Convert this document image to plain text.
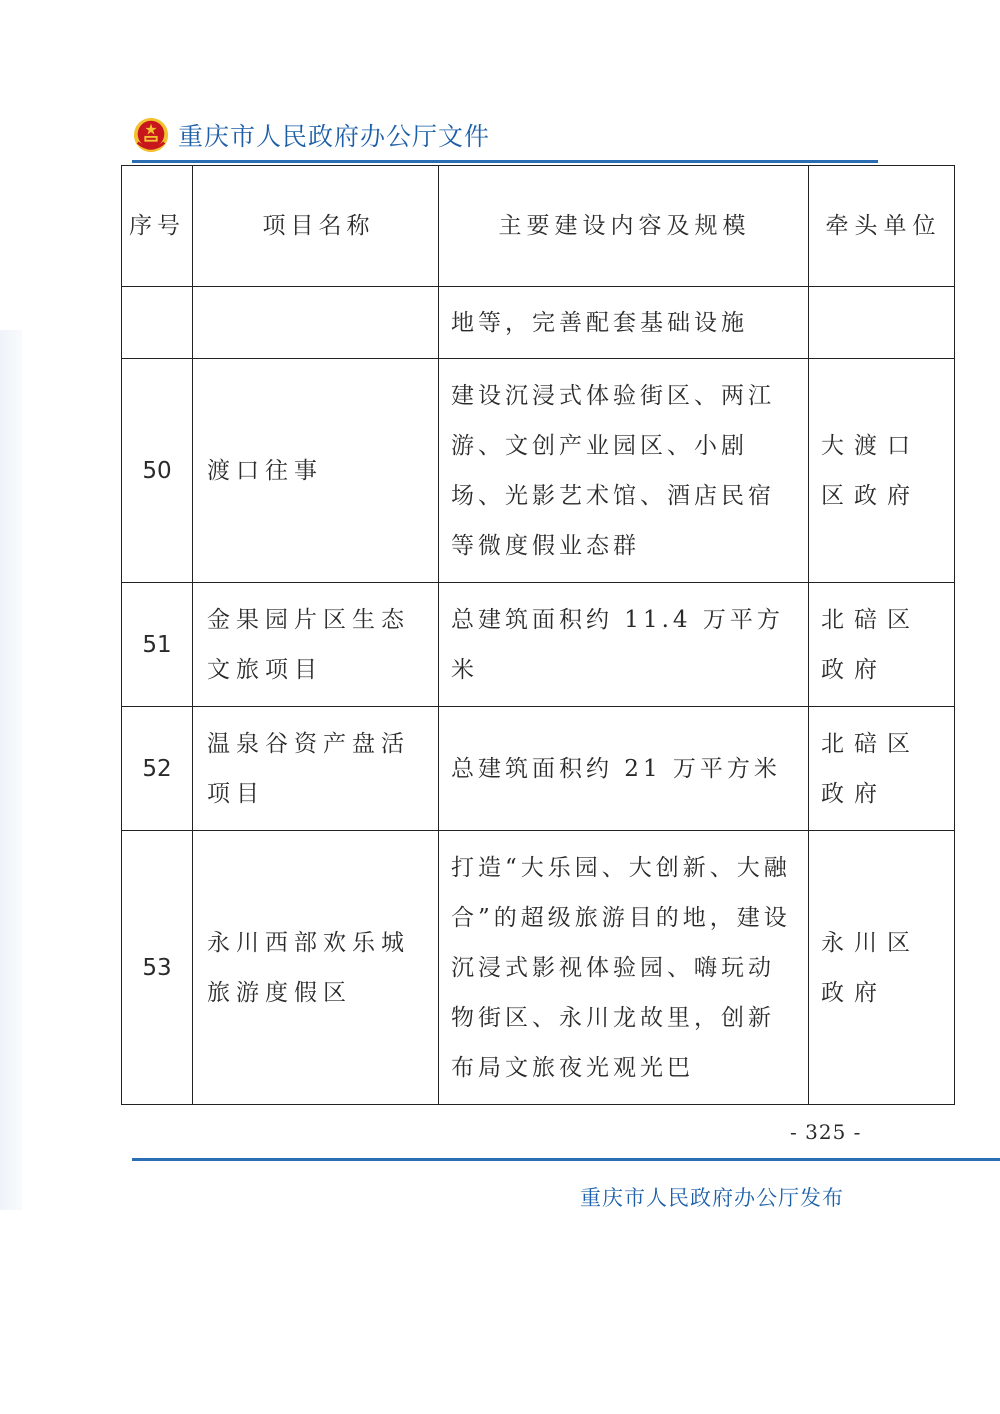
重庆市人民政府办公厅文件
序号	项目名称	主要建设内容及规模	牵头单位
		地等，完善配套基础设施	
50	渡口往事	建设沉浸式体验街区、两江游、文创产业园区、小剧场、光影艺术馆、酒店民宿等微度假业态群	大渡口区政府
51	金果园片区生态文旅项目	总建筑面积约 11.4 万平方米	北碚区政府
52	温泉谷资产盘活项目	总建筑面积约 21 万平方米	北碚区政府
53	永川西部欢乐城旅游度假区	打造“大乐园、大创新、大融合”的超级旅游目的地，建设沉浸式影视体验园、嗨玩动物街区、永川龙故里，创新布局文旅夜光观光巴	永川区政府
- 325 -
重庆市人民政府办公厅发布
